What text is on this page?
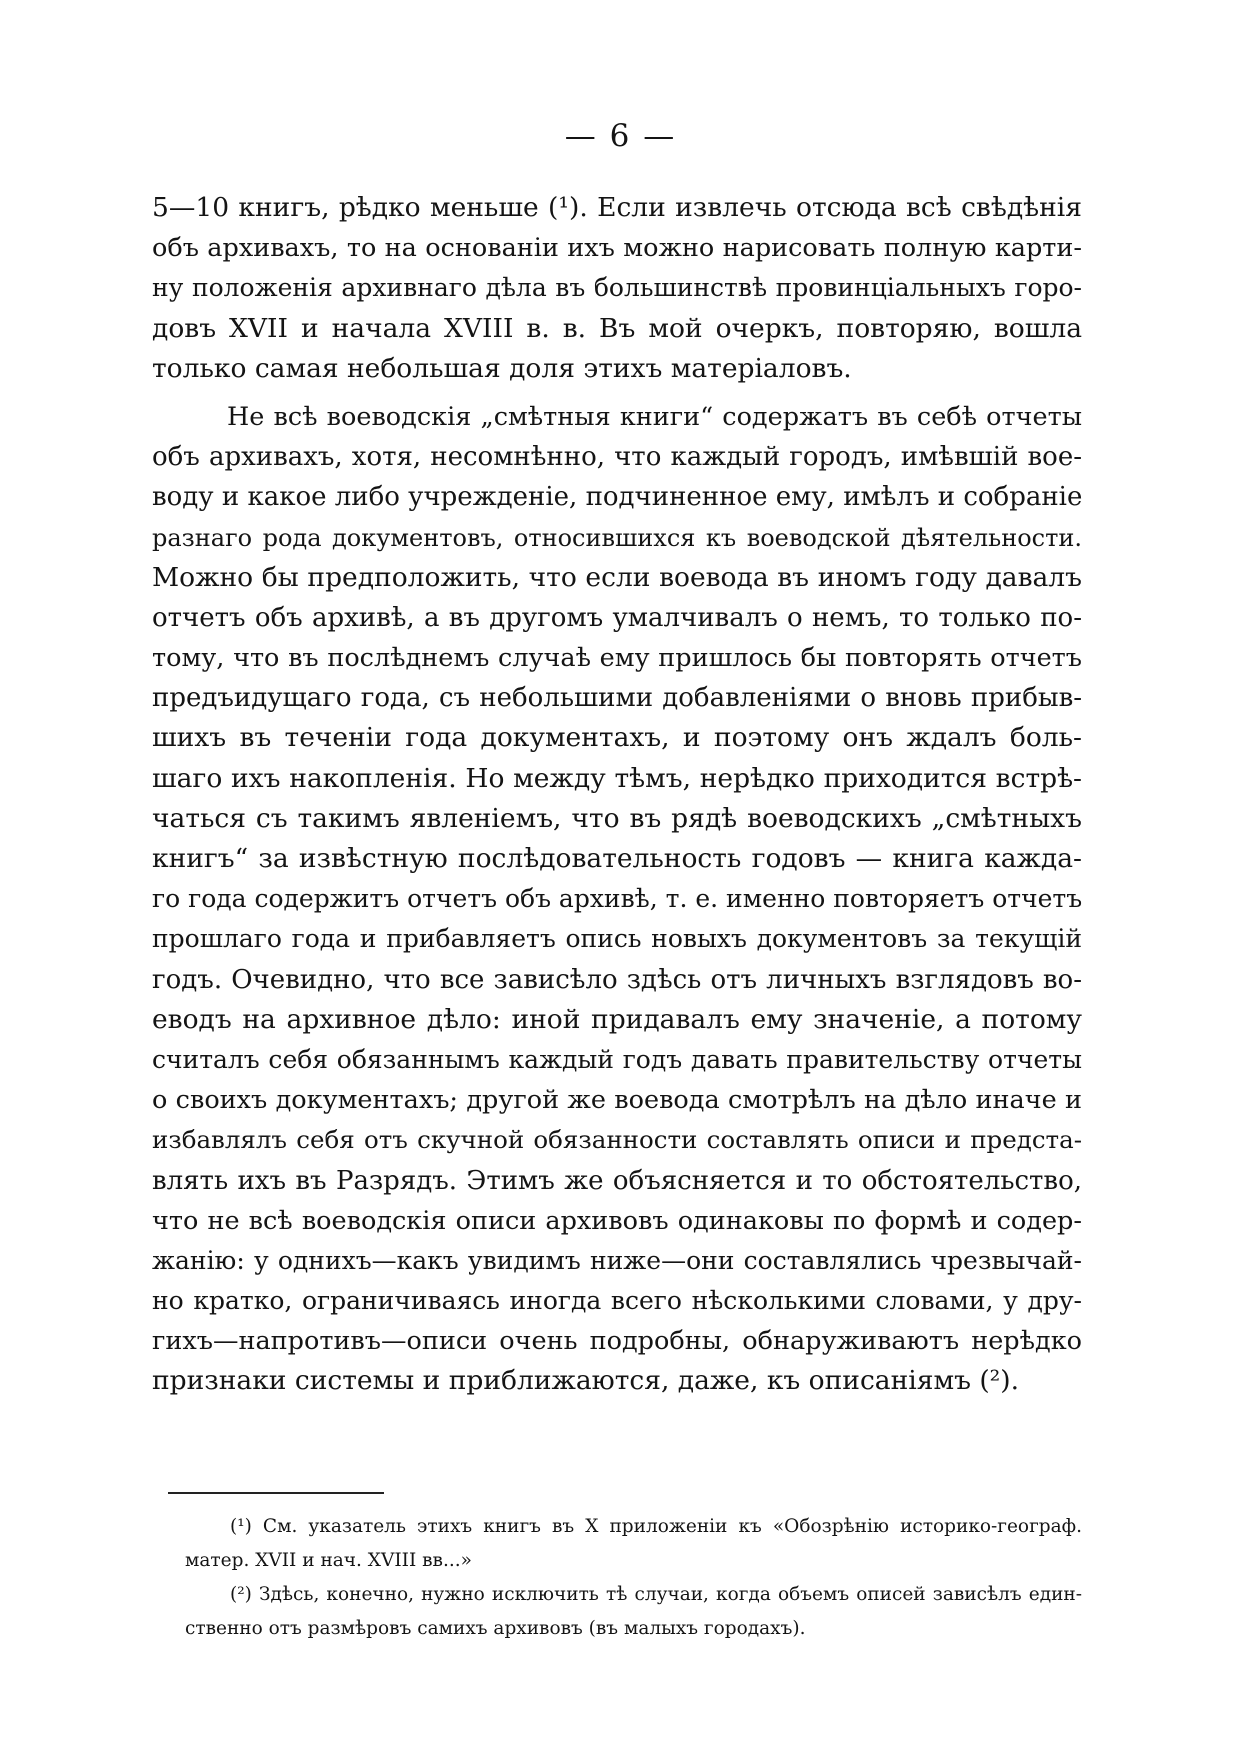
— 6 —
5—10 книгъ, рѣдко меньше (¹). Если извлечь отсюда всѣ свѣдѣнія
объ архивахъ, то на основаніи ихъ можно нарисовать полную карти-
ну положенія архивнаго дѣла въ большинствѣ провинціальныхъ горо-
довъ XVII и начала XVIII в. в. Въ мой очеркъ, повторяю, вошла
только самая небольшая доля этихъ матеріаловъ.
Не всѣ воеводскія „смѣтныя книги“ содержатъ въ себѣ отчеты
объ архивахъ, хотя, несомнѣнно, что каждый городъ, имѣвшій вое-
воду и какое либо учрежденіе, подчиненное ему, имѣлъ и собраніе
разнаго рода документовъ, относившихся къ воеводской дѣятельности.
Можно бы предположить, что если воевода въ иномъ году давалъ
отчетъ объ архивѣ, а въ другомъ умалчивалъ о немъ, то только по-
тому, что въ послѣднемъ случаѣ ему пришлось бы повторять отчетъ
предъидущаго года, съ небольшими добавленіями о вновь прибыв-
шихъ въ теченіи года документахъ, и поэтому онъ ждалъ боль-
шаго ихъ накопленія. Но между тѣмъ, нерѣдко приходится встрѣ-
чаться съ такимъ явленіемъ, что въ рядѣ воеводскихъ „смѣтныхъ
книгъ“ за извѣстную послѣдовательность годовъ — книга кажда-
го года содержитъ отчетъ объ архивѣ, т. е. именно повторяетъ отчетъ
прошлаго года и прибавляетъ опись новыхъ документовъ за текущій
годъ. Очевидно, что все зависѣло здѣсь отъ личныхъ взглядовъ во-
еводъ на архивное дѣло: иной придавалъ ему значеніе, а потому
считалъ себя обязаннымъ каждый годъ давать правительству отчеты
о своихъ документахъ; другой же воевода смотрѣлъ на дѣло иначе и
избавлялъ себя отъ скучной обязанности составлять описи и предста-
влять ихъ въ Разрядъ. Этимъ же объясняется и то обстоятельство,
что не всѣ воеводскія описи архивовъ одинаковы по формѣ и содер-
жанію: у однихъ—какъ увидимъ ниже—они составлялись чрезвычай-
но кратко, ограничиваясь иногда всего нѣсколькими словами, у дру-
гихъ—напротивъ—описи очень подробны, обнаруживаютъ нерѣдко
признаки системы и приближаются, даже, къ описаніямъ (²).
(¹) См. указатель этихъ книгъ въ X приложеніи къ «Обозрѣнію историко-географ.
матер. XVII и нач. XVIII вв...»
(²) Здѣсь, конечно, нужно исключить тѣ случаи, когда объемъ описей зависѣлъ един-
ственно отъ размѣровъ самихъ архивовъ (въ малыхъ городахъ).
